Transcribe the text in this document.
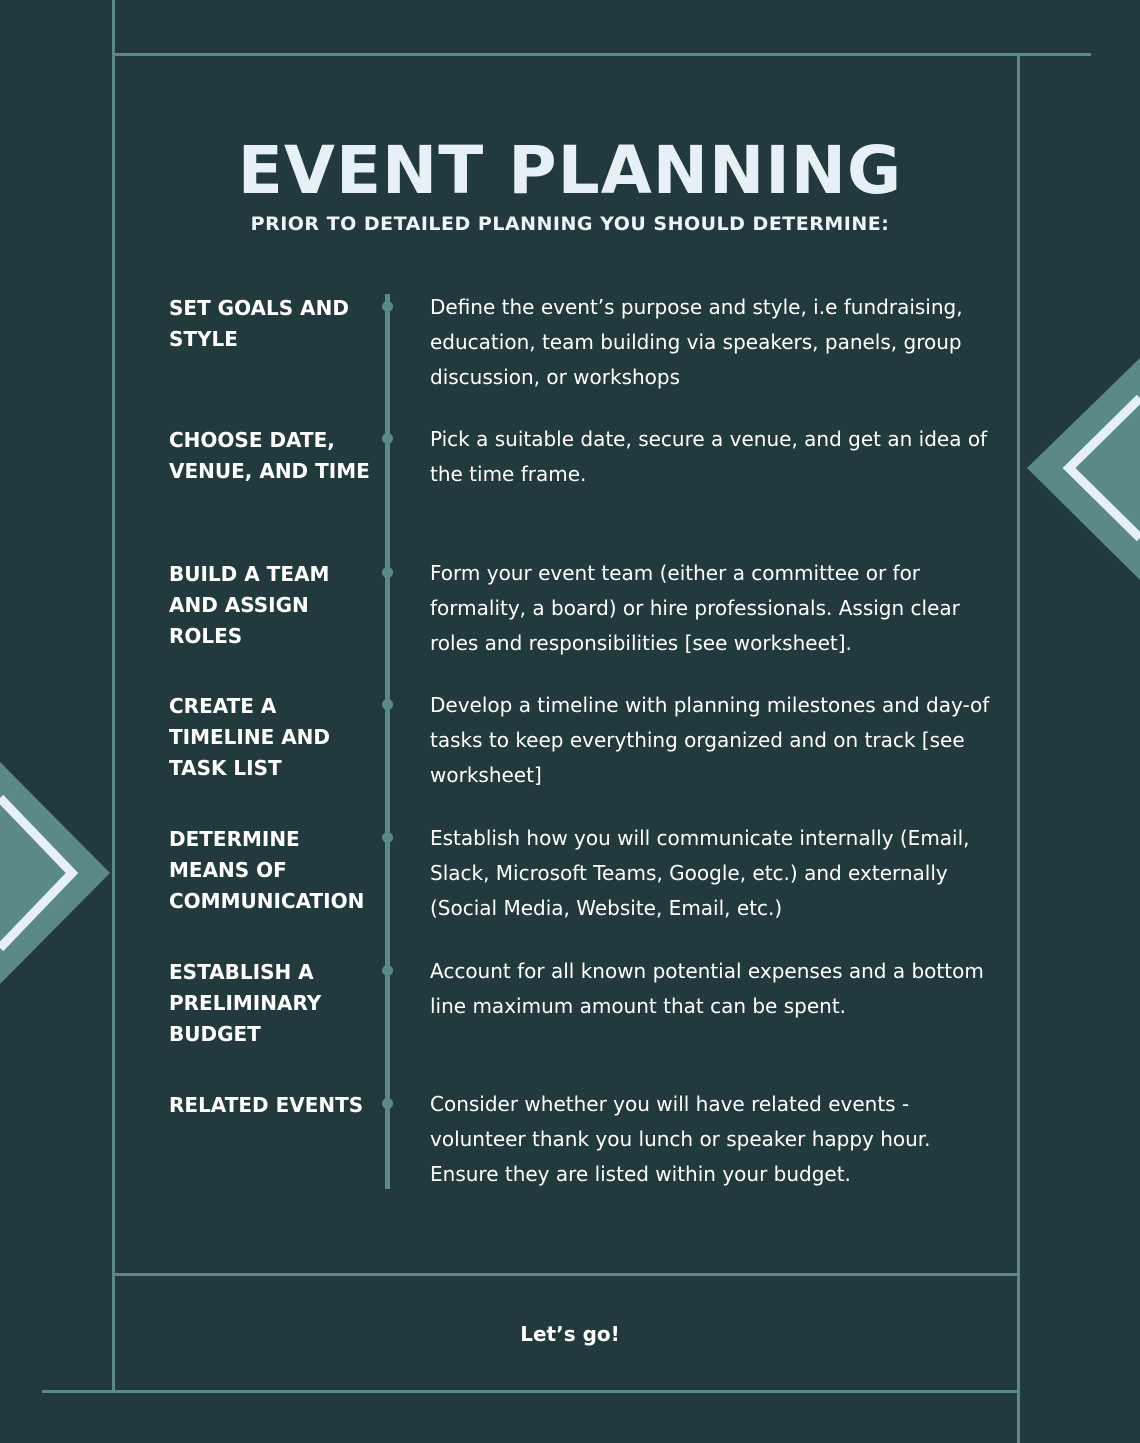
EVENT PLANNING
PRIOR TO DETAILED PLANNING YOU SHOULD DETERMINE:
SET GOALS AND STYLE
Define the event’s purpose and style, i.e fundraising, education, team building via speakers, panels, group discussion, or workshops
CHOOSE DATE, VENUE, AND TIME
Pick a suitable date, secure a venue, and get an idea of the time frame.
BUILD A TEAM AND ASSIGN ROLES
Form your event team (either a committee or for formality, a board) or hire professionals. Assign clear roles and responsibilities [see worksheet].
CREATE A TIMELINE AND TASK LIST
Develop a timeline with planning milestones and day-of tasks to keep everything organized and on track [see worksheet]
DETERMINE MEANS OF COMMUNICATION
Establish how you will communicate internally (Email, Slack, Microsoft Teams, Google, etc.) and externally (Social Media, Website, Email, etc.)
ESTABLISH A PRELIMINARY BUDGET
Account for all known potential expenses and a bottom line maximum amount that can be spent.
RELATED EVENTS	Consider whether you will have related events - volunteer thank you lunch or speaker happy hour. Ensure they are listed within your budget.
Let’s go!
